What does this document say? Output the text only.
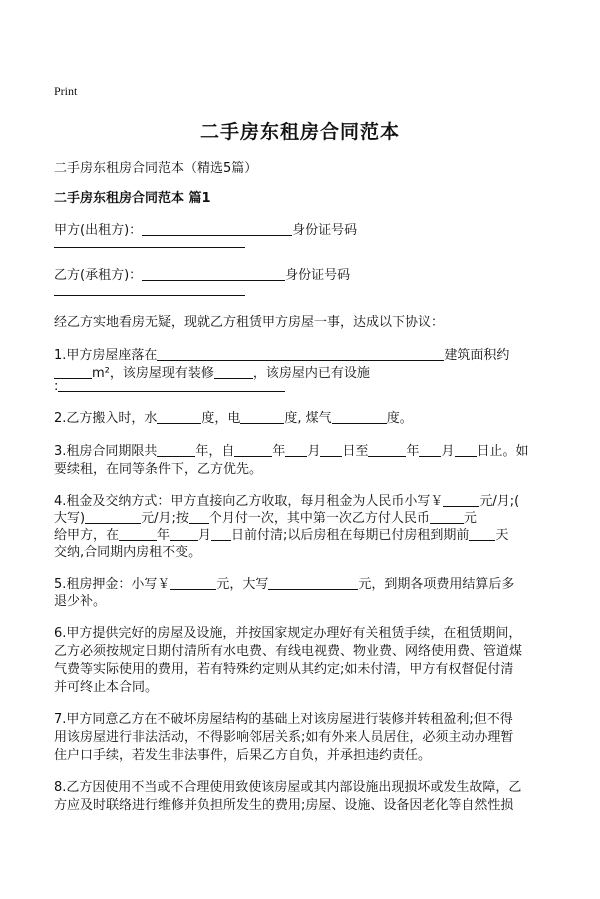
Print
二手房东租房合同范本
二手房东租房合同范本（精选5篇）
二手房东租房合同范本 篇1
甲方(出租方)：	身份证号码
乙方(承租方)：	身份证号码
经乙方实地看房无疑，现就乙方租赁甲方房屋一事，达成以下协议：
1.甲方房屋座落在	建筑面积约
m²，该房屋现有装修	，该房屋内已有设施
:
2.乙方搬入时，水	度，电	度, 煤气	度。
3.租房合同期限共	年，自	年 月 日至	年 月 日止。如
要续租，在同等条件下，乙方优先。
4.租金及交纳方式：甲方直接向乙方收取，每月租金为人民币小写￥	元/月;(
大写)	元/月;按 个月付一次，其中第一次乙方付人民币	元
给甲方，在	年 月 日前付清;以后房租在每期已付房租到期前 天
交纳,合同期内房租不变。
5.租房押金：小写￥	元，大写	元，到期各项费用结算后多
退少补。
6.甲方提供完好的房屋及设施，并按国家规定办理好有关租赁手续，在租赁期间，
乙方必须按规定日期付清所有水电费、有线电视费、物业费、网络使用费、管道煤
气费等实际使用的费用，若有特殊约定则从其约定;如未付清，甲方有权督促付清
并可终止本合同。
7.甲方同意乙方在不破坏房屋结构的基础上对该房屋进行装修并转租盈利;但不得
用该房屋进行非法活动，不得影响邻居关系;如有外来人员居住，必须主动办理暂
住户口手续，若发生非法事件，后果乙方自负，并承担违约责任。
8.乙方因使用不当或不合理使用致使该房屋或其内部设施出现损坏或发生故障，乙
方应及时联络进行维修并负担所发生的费用;房屋、设施、设备因老化等自然性损
